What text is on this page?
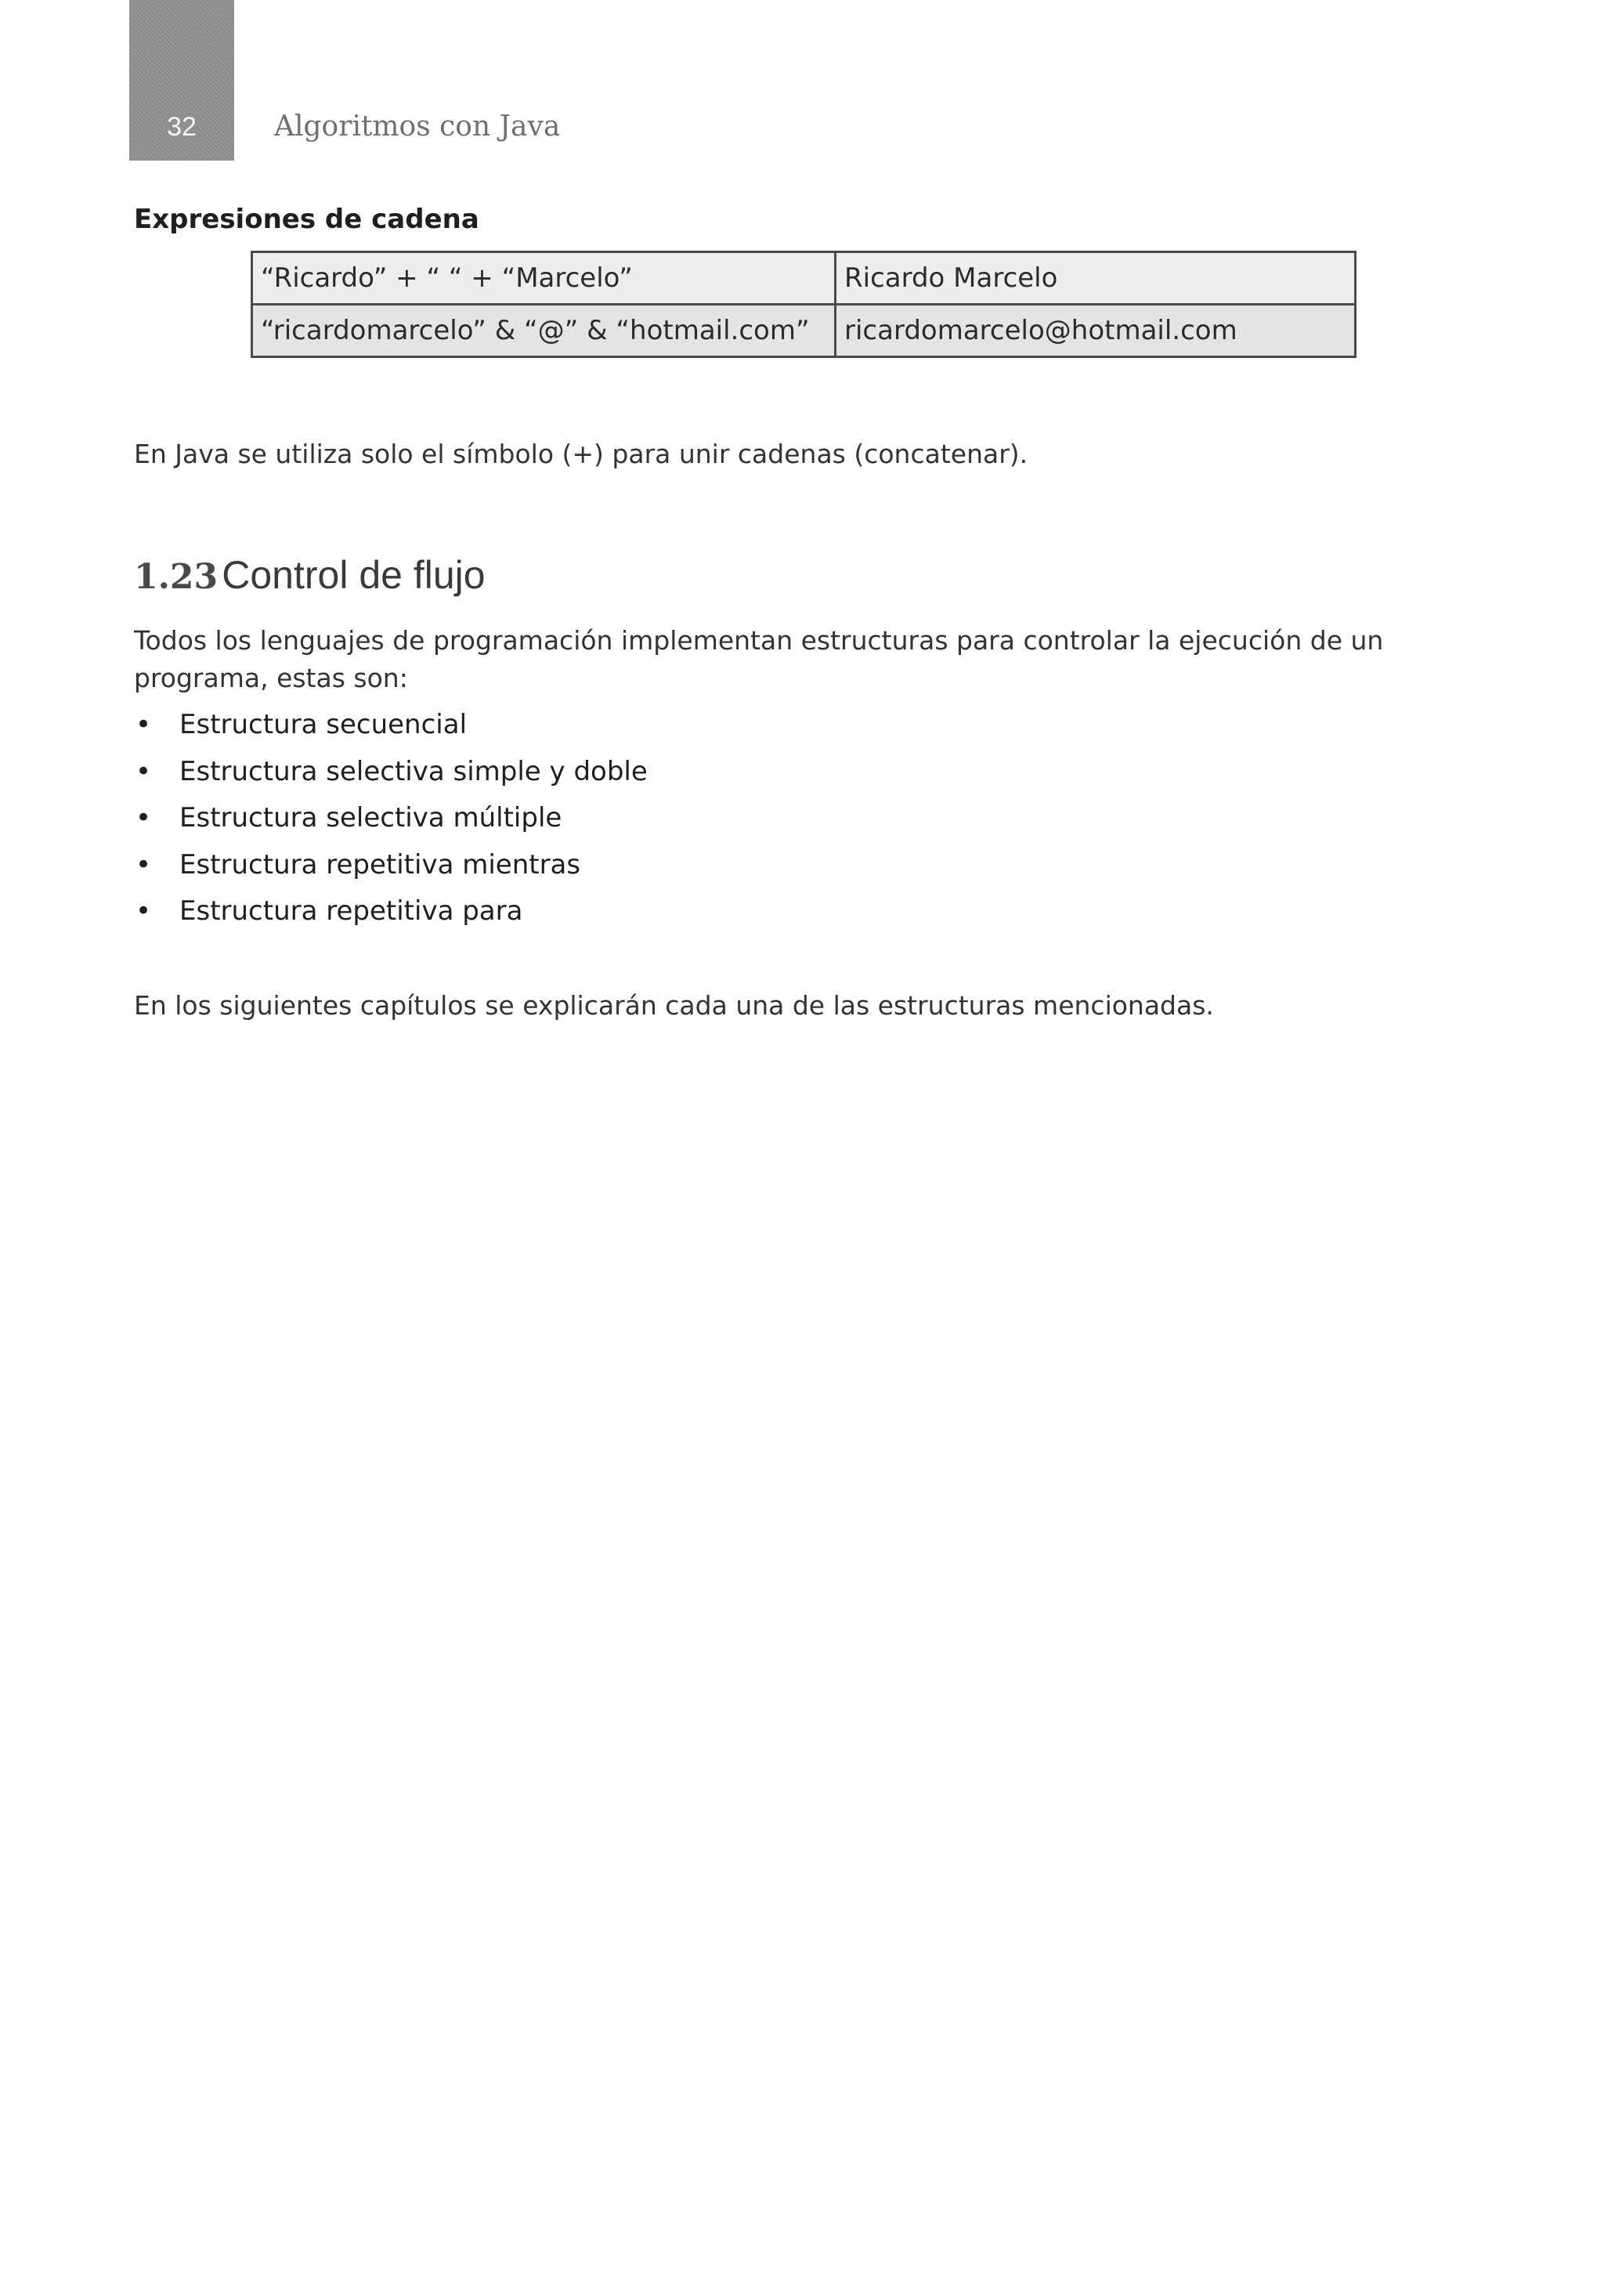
32	Algoritmos con Java
Expresiones de cadena
“Ricardo” + “ “ + “Marcelo”	Ricardo Marcelo
“ricardomarcelo” & “@” & “hotmail.com”	ricardomarcelo@hotmail.com
En Java se utiliza solo el símbolo (+) para unir cadenas (concatenar).
1.23 Control de flujo
Todos los lenguajes de programación implementan estructuras para controlar la ejecución de un programa, estas son:
• Estructura secuencial
• Estructura selectiva simple y doble
• Estructura selectiva múltiple
• Estructura repetitiva mientras
• Estructura repetitiva para
En los siguientes capítulos se explicarán cada una de las estructuras mencionadas.
